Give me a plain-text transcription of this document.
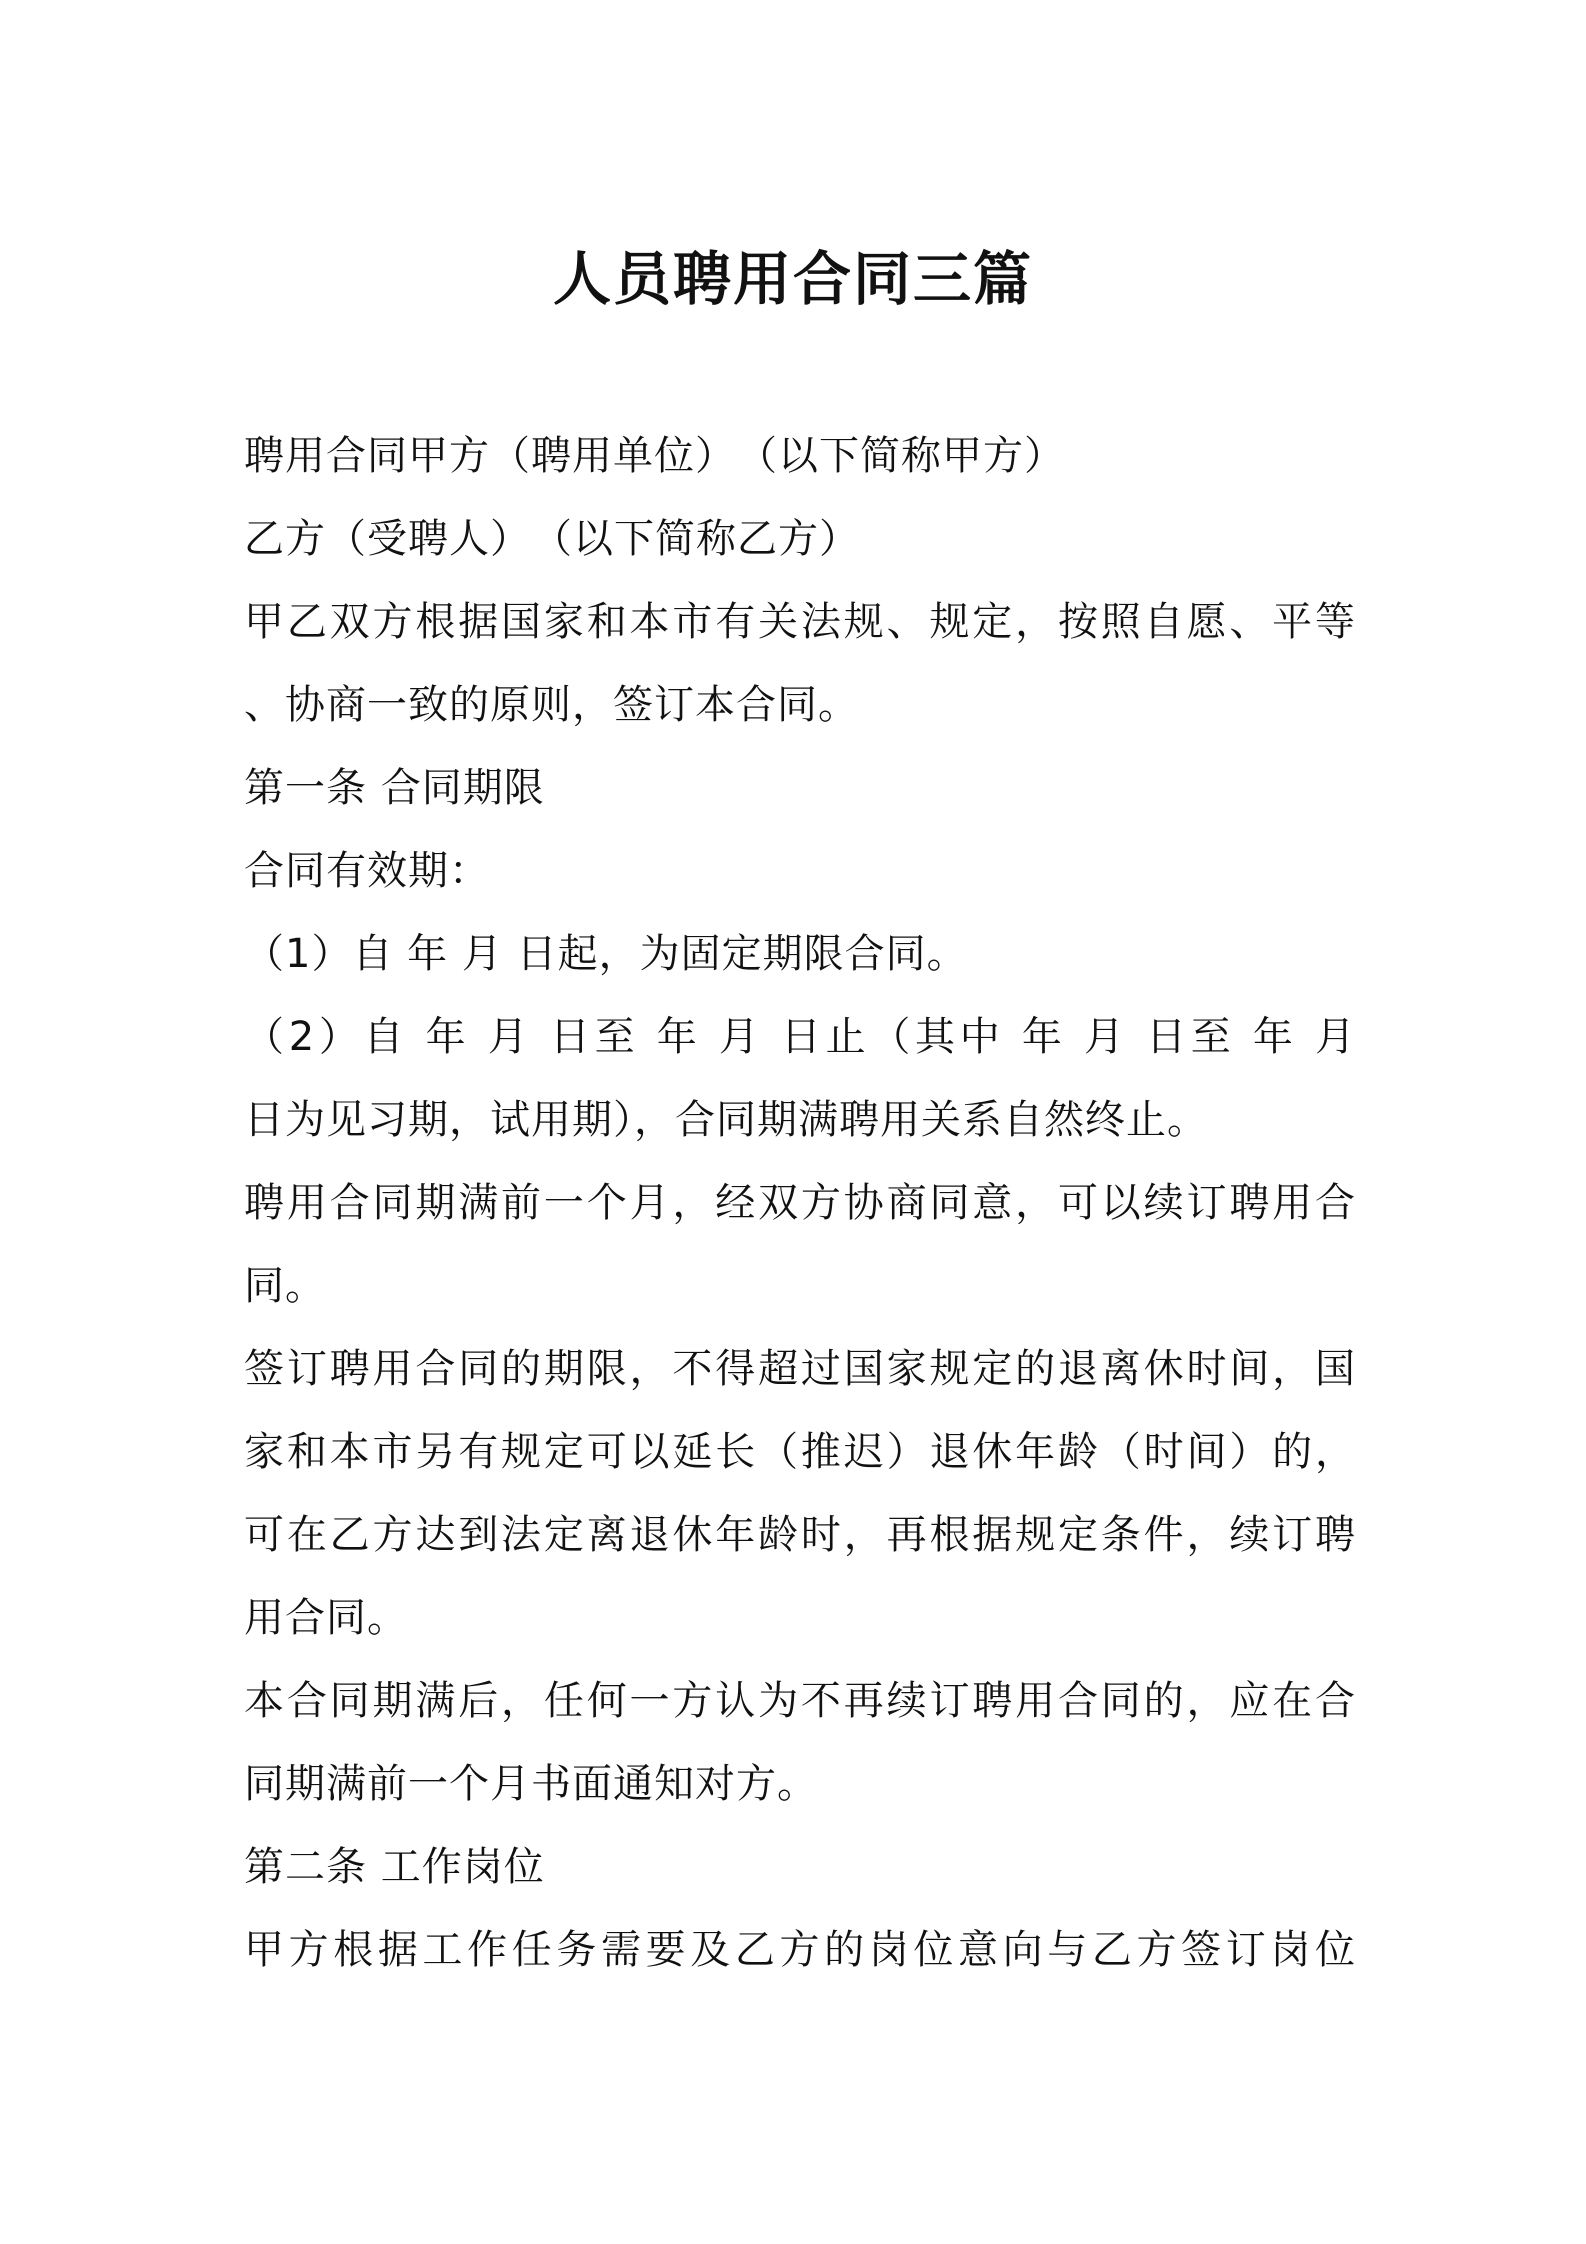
人员聘用合同三篇
聘用合同甲方（聘用单位）　（以下简称甲方）
乙方（受聘人）　（以下简称乙方）
甲乙双方根据国家和本市有关法规、规定，按照自愿、平等
、协商一致的原则，签订本合同。
第一条 合同期限
合同有效期：
（1）自 年 月 日起，为固定期限合同。
（2）自 年 月 日至 年 月 日止（其中 年 月 日至 年 月
日为见习期，试用期），合同期满聘用关系自然终止。
聘用合同期满前一个月，经双方协商同意，可以续订聘用合
同。
签订聘用合同的期限，不得超过国家规定的退离休时间，国
家和本市另有规定可以延长（推迟）退休年龄（时间）的，
可在乙方达到法定离退休年龄时，再根据规定条件，续订聘
用合同。
本合同期满后，任何一方认为不再续订聘用合同的，应在合
同期满前一个月书面通知对方。
第二条 工作岗位
甲方根据工作任务需要及乙方的岗位意向与乙方签订岗位
